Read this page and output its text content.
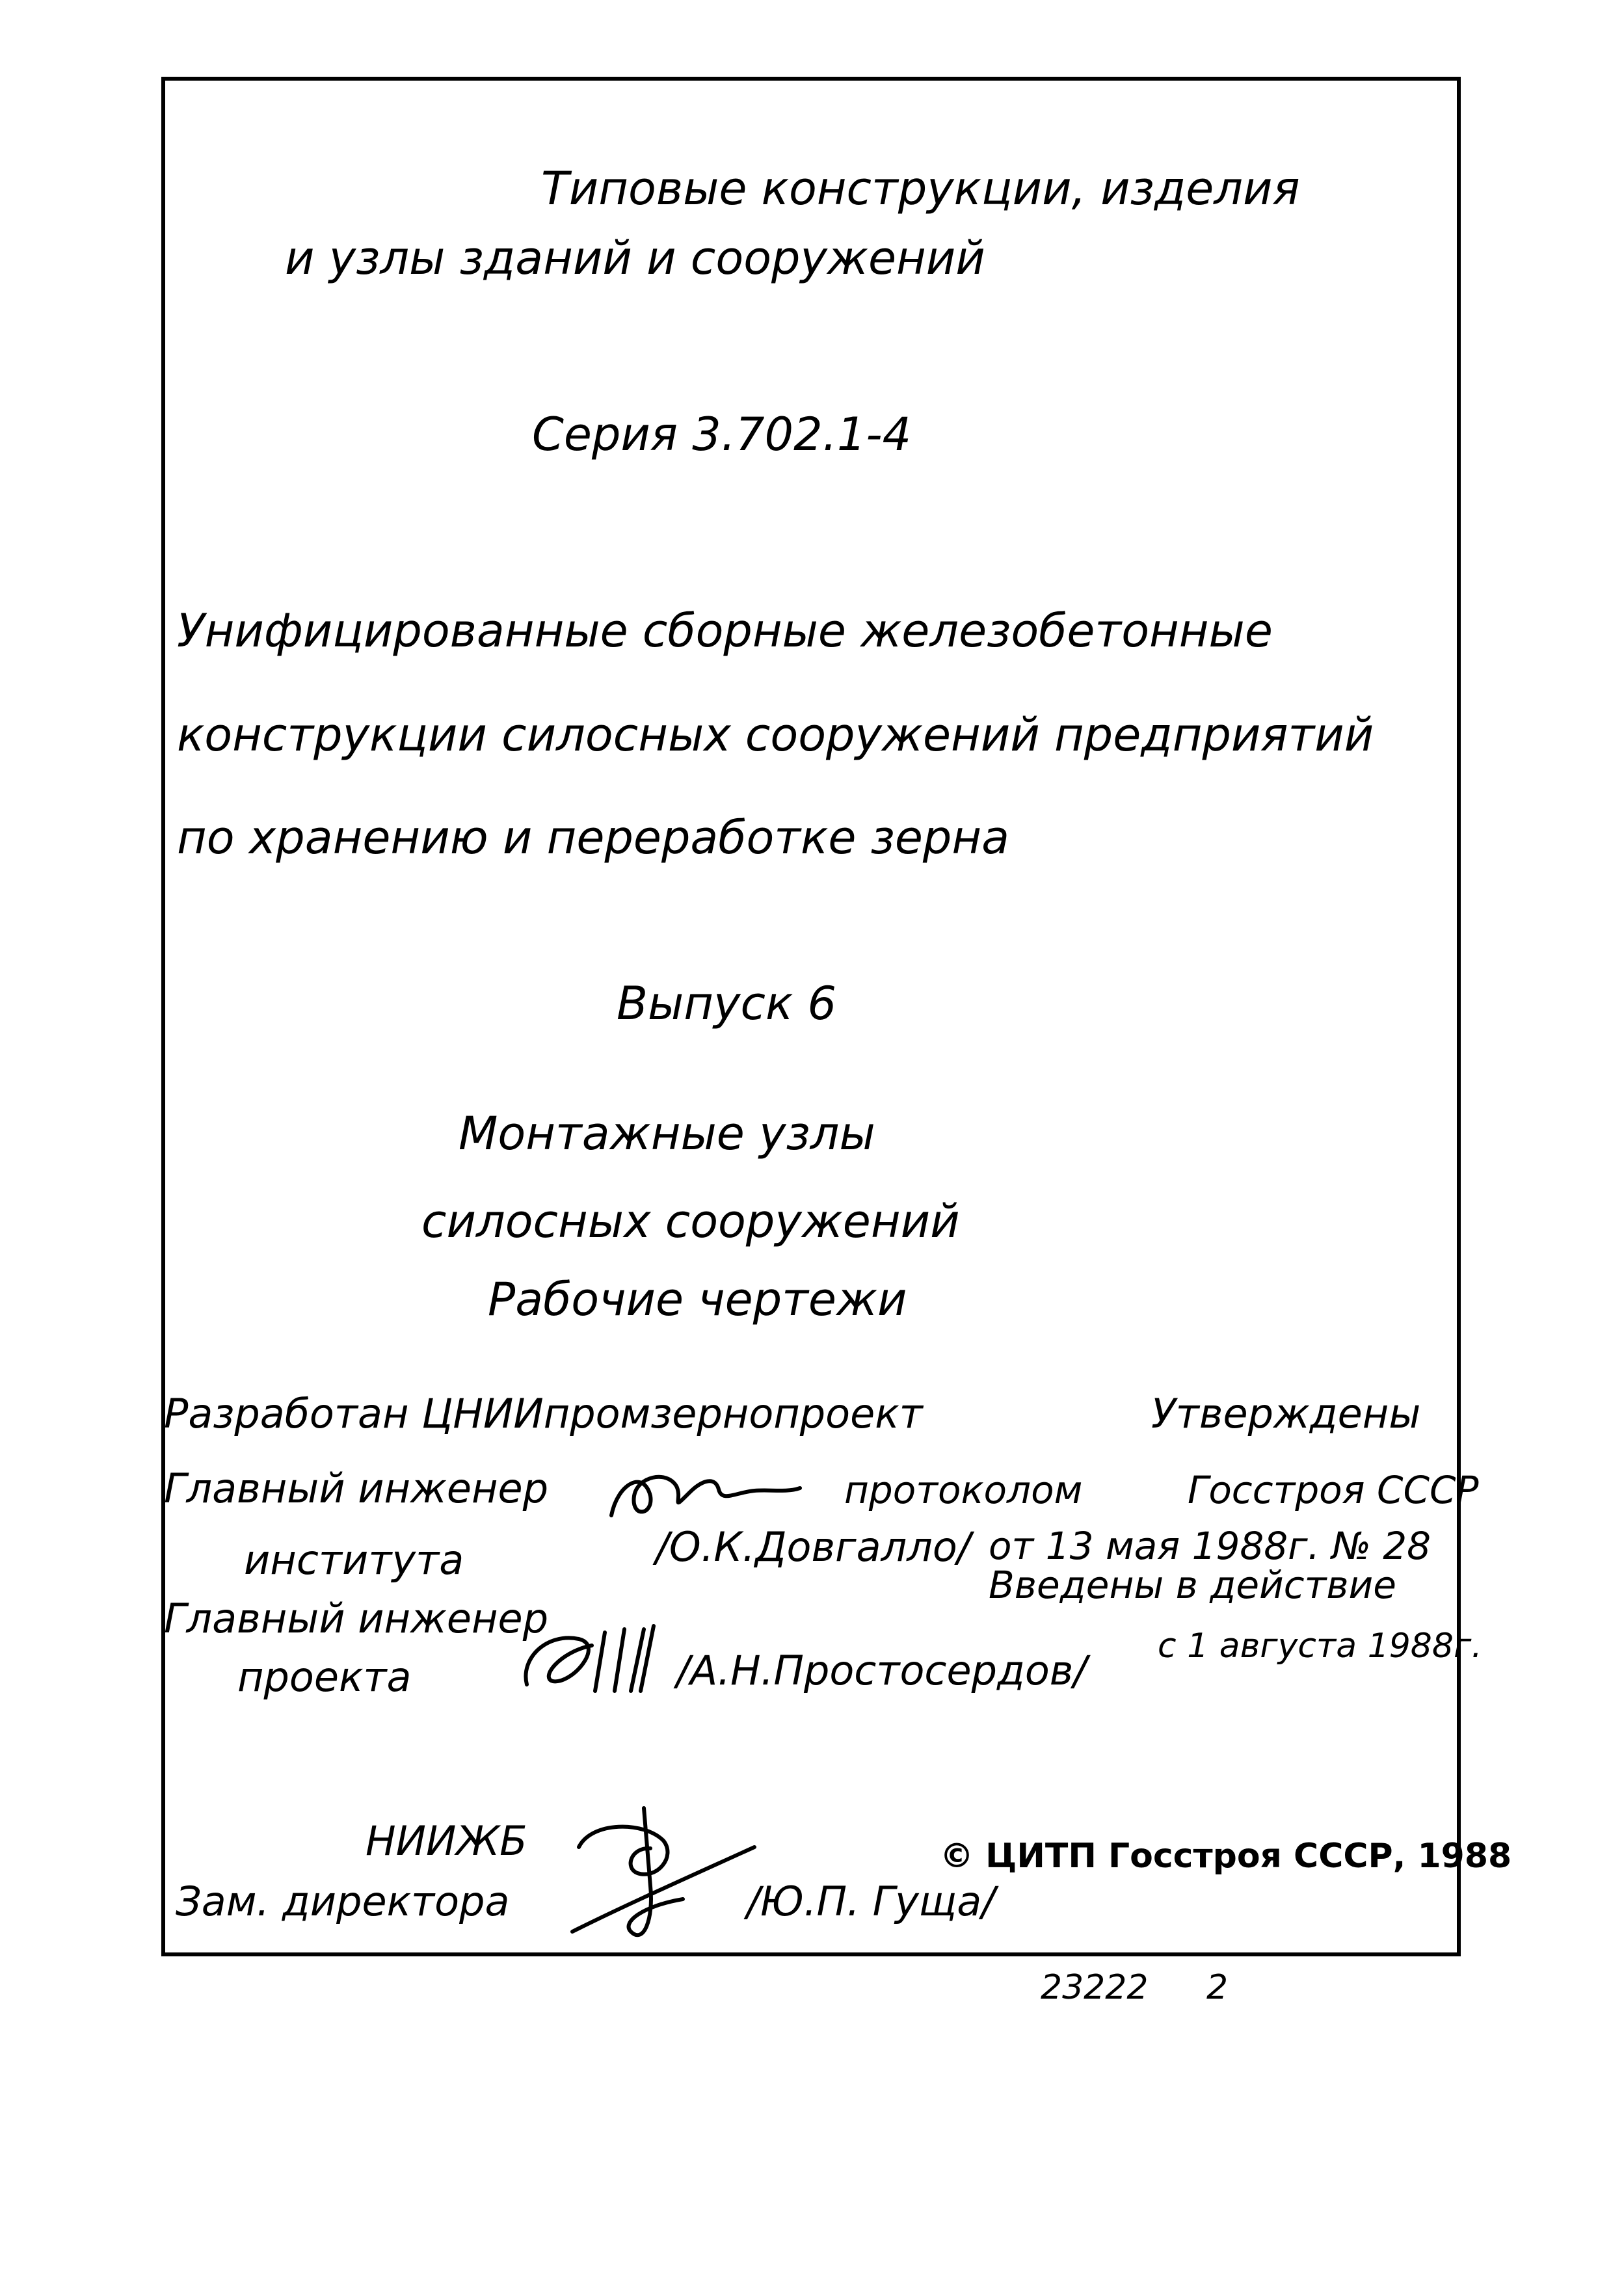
Типовые конструкции, изделия
и узлы зданий и сооружений
Серия 3.702.1-4
Унифицированные сборные железобетонные
конструкции силосных сооружений предприятий
по хранению и переработке зерна
Выпуск 6
Монтажные узлы
силосных сооружений
Рабочие чертежи
Разработан ЦНИИпромзернопроект
Главный инженер
института	/О.К.Довгалло/
Главный инженер
проекта	/А.Н.Простосердов/
Утверждены
протоколом	Госстроя СССР
от 13 мая 1988г. № 28
Введены в действие
с 1 августа 1988г.
НИИЖБ
Зам. директора	/Ю.П. Гуща/
© ЦИТП Госстроя СССР, 1988
23222 2
